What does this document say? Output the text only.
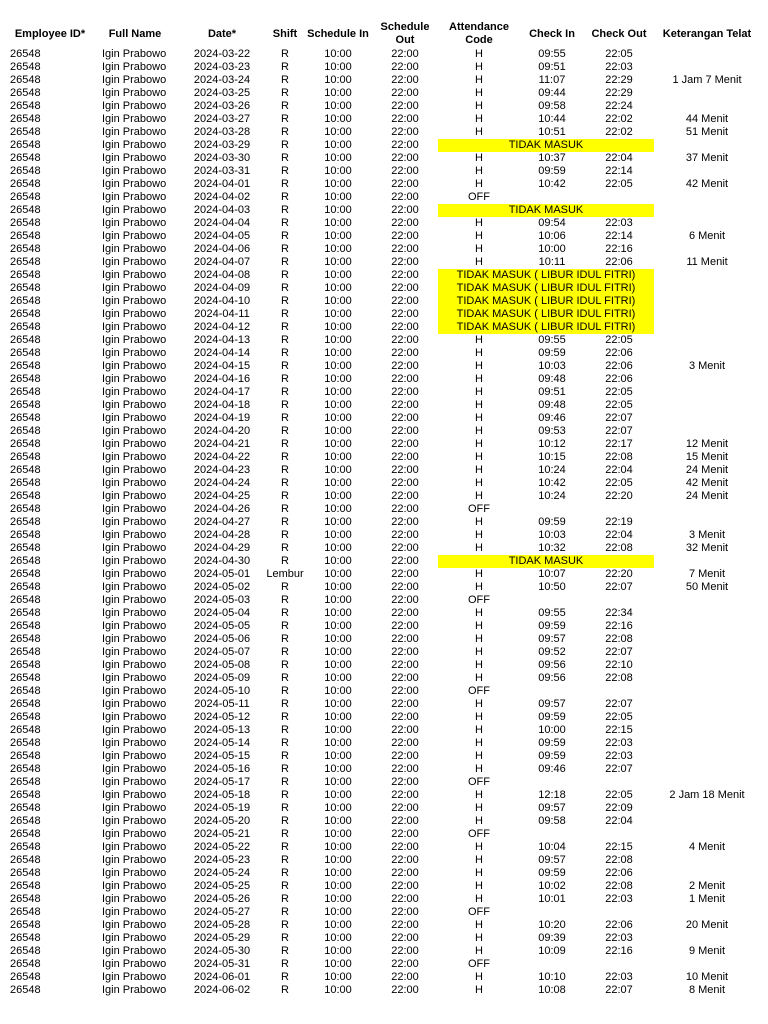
Employee ID*	Full Name	Date*	Shift	Schedule In	Schedule Out	Attendance Code	Check In	Check Out	Keterangan Telat
26548	Igin Prabowo	2024-03-22	R	10:00	22:00	H	09:55	22:05	
26548	Igin Prabowo	2024-03-23	R	10:00	22:00	H	09:51	22:03	
26548	Igin Prabowo	2024-03-24	R	10:00	22:00	H	11:07	22:29	1 Jam 7 Menit
26548	Igin Prabowo	2024-03-25	R	10:00	22:00	H	09:44	22:29	
26548	Igin Prabowo	2024-03-26	R	10:00	22:00	H	09:58	22:24	
26548	Igin Prabowo	2024-03-27	R	10:00	22:00	H	10:44	22:02	44 Menit
26548	Igin Prabowo	2024-03-28	R	10:00	22:00	H	10:51	22:02	51 Menit
26548	Igin Prabowo	2024-03-29	R	10:00	22:00	TIDAK MASUK			
26548	Igin Prabowo	2024-03-30	R	10:00	22:00	H	10:37	22:04	37 Menit
26548	Igin Prabowo	2024-03-31	R	10:00	22:00	H	09:59	22:14	
26548	Igin Prabowo	2024-04-01	R	10:00	22:00	H	10:42	22:05	42 Menit
26548	Igin Prabowo	2024-04-02	R	10:00	22:00	OFF			
26548	Igin Prabowo	2024-04-03	R	10:00	22:00	TIDAK MASUK			
26548	Igin Prabowo	2024-04-04	R	10:00	22:00	H	09:54	22:03	
26548	Igin Prabowo	2024-04-05	R	10:00	22:00	H	10:06	22:14	6 Menit
26548	Igin Prabowo	2024-04-06	R	10:00	22:00	H	10:00	22:16	
26548	Igin Prabowo	2024-04-07	R	10:00	22:00	H	10:11	22:06	11 Menit
26548	Igin Prabowo	2024-04-08	R	10:00	22:00	TIDAK MASUK ( LIBUR IDUL FITRI)			
26548	Igin Prabowo	2024-04-09	R	10:00	22:00	TIDAK MASUK ( LIBUR IDUL FITRI)			
26548	Igin Prabowo	2024-04-10	R	10:00	22:00	TIDAK MASUK ( LIBUR IDUL FITRI)			
26548	Igin Prabowo	2024-04-11	R	10:00	22:00	TIDAK MASUK ( LIBUR IDUL FITRI)			
26548	Igin Prabowo	2024-04-12	R	10:00	22:00	TIDAK MASUK ( LIBUR IDUL FITRI)			
26548	Igin Prabowo	2024-04-13	R	10:00	22:00	H	09:55	22:05	
26548	Igin Prabowo	2024-04-14	R	10:00	22:00	H	09:59	22:06	
26548	Igin Prabowo	2024-04-15	R	10:00	22:00	H	10:03	22:06	3 Menit
26548	Igin Prabowo	2024-04-16	R	10:00	22:00	H	09:48	22:06	
26548	Igin Prabowo	2024-04-17	R	10:00	22:00	H	09:51	22:05	
26548	Igin Prabowo	2024-04-18	R	10:00	22:00	H	09:48	22:05	
26548	Igin Prabowo	2024-04-19	R	10:00	22:00	H	09:46	22:07	
26548	Igin Prabowo	2024-04-20	R	10:00	22:00	H	09:53	22:07	
26548	Igin Prabowo	2024-04-21	R	10:00	22:00	H	10:12	22:17	12 Menit
26548	Igin Prabowo	2024-04-22	R	10:00	22:00	H	10:15	22:08	15 Menit
26548	Igin Prabowo	2024-04-23	R	10:00	22:00	H	10:24	22:04	24 Menit
26548	Igin Prabowo	2024-04-24	R	10:00	22:00	H	10:42	22:05	42 Menit
26548	Igin Prabowo	2024-04-25	R	10:00	22:00	H	10:24	22:20	24 Menit
26548	Igin Prabowo	2024-04-26	R	10:00	22:00	OFF			
26548	Igin Prabowo	2024-04-27	R	10:00	22:00	H	09:59	22:19	
26548	Igin Prabowo	2024-04-28	R	10:00	22:00	H	10:03	22:04	3 Menit
26548	Igin Prabowo	2024-04-29	R	10:00	22:00	H	10:32	22:08	32 Menit
26548	Igin Prabowo	2024-04-30	R	10:00	22:00	TIDAK MASUK			
26548	Igin Prabowo	2024-05-01	Lembur	10:00	22:00	H	10:07	22:20	7 Menit
26548	Igin Prabowo	2024-05-02	R	10:00	22:00	H	10:50	22:07	50 Menit
26548	Igin Prabowo	2024-05-03	R	10:00	22:00	OFF			
26548	Igin Prabowo	2024-05-04	R	10:00	22:00	H	09:55	22:34	
26548	Igin Prabowo	2024-05-05	R	10:00	22:00	H	09:59	22:16	
26548	Igin Prabowo	2024-05-06	R	10:00	22:00	H	09:57	22:08	
26548	Igin Prabowo	2024-05-07	R	10:00	22:00	H	09:52	22:07	
26548	Igin Prabowo	2024-05-08	R	10:00	22:00	H	09:56	22:10	
26548	Igin Prabowo	2024-05-09	R	10:00	22:00	H	09:56	22:08	
26548	Igin Prabowo	2024-05-10	R	10:00	22:00	OFF			
26548	Igin Prabowo	2024-05-11	R	10:00	22:00	H	09:57	22:07	
26548	Igin Prabowo	2024-05-12	R	10:00	22:00	H	09:59	22:05	
26548	Igin Prabowo	2024-05-13	R	10:00	22:00	H	10:00	22:15	
26548	Igin Prabowo	2024-05-14	R	10:00	22:00	H	09:59	22:03	
26548	Igin Prabowo	2024-05-15	R	10:00	22:00	H	09:59	22:03	
26548	Igin Prabowo	2024-05-16	R	10:00	22:00	H	09:46	22:07	
26548	Igin Prabowo	2024-05-17	R	10:00	22:00	OFF			
26548	Igin Prabowo	2024-05-18	R	10:00	22:00	H	12:18	22:05	2 Jam 18 Menit
26548	Igin Prabowo	2024-05-19	R	10:00	22:00	H	09:57	22:09	
26548	Igin Prabowo	2024-05-20	R	10:00	22:00	H	09:58	22:04	
26548	Igin Prabowo	2024-05-21	R	10:00	22:00	OFF			
26548	Igin Prabowo	2024-05-22	R	10:00	22:00	H	10:04	22:15	4 Menit
26548	Igin Prabowo	2024-05-23	R	10:00	22:00	H	09:57	22:08	
26548	Igin Prabowo	2024-05-24	R	10:00	22:00	H	09:59	22:06	
26548	Igin Prabowo	2024-05-25	R	10:00	22:00	H	10:02	22:08	2 Menit
26548	Igin Prabowo	2024-05-26	R	10:00	22:00	H	10:01	22:03	1 Menit
26548	Igin Prabowo	2024-05-27	R	10:00	22:00	OFF			
26548	Igin Prabowo	2024-05-28	R	10:00	22:00	H	10:20	22:06	20 Menit
26548	Igin Prabowo	2024-05-29	R	10:00	22:00	H	09:39	22:03	
26548	Igin Prabowo	2024-05-30	R	10:00	22:00	H	10:09	22:16	9 Menit
26548	Igin Prabowo	2024-05-31	R	10:00	22:00	OFF			
26548	Igin Prabowo	2024-06-01	R	10:00	22:00	H	10:10	22:03	10 Menit
26548	Igin Prabowo	2024-06-02	R	10:00	22:00	H	10:08	22:07	8 Menit
